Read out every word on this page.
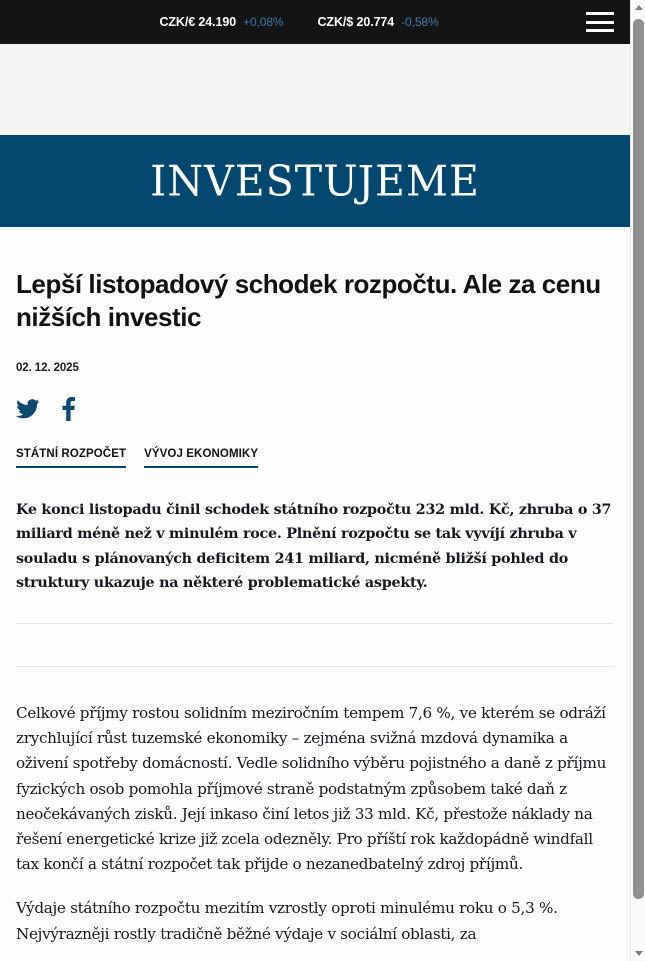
CZK/€ 24.190 +0,08%	CZK/$ 20.774 -0,58%
INVESTUJEME
Lepší listopadový schodek rozpočtu. Ale za cenu nižších investic
02. 12. 2025
STÁTNÍ ROZPOČET VÝVOJ EKONOMIKY
Ke konci listopadu činil schodek státního rozpočtu 232 mld. Kč, zhruba o 37 miliard méně než v minulém roce. Plnění rozpočtu se tak vyvíjí zhruba v souladu s plánovaných deficitem 241 miliard, nicméně bližší pohled do struktury ukazuje na některé problematické aspekty.

Celkové příjmy rostou solidním meziročním tempem 7,6 %, ve kterém se odráží zrychlující růst tuzemské ekonomiky – zejména svižná mzdová dynamika a oživení spotřeby domácností. Vedle solidního výběru pojistného a daně z příjmu fyzických osob pomohla příjmové straně podstatným způsobem také daň z neočekávaných zisků. Její inkaso činí letos již 33 mld. Kč, přestože náklady na řešení energetické krize již zcela odezněly. Pro příští rok každopádně windfall tax končí a státní rozpočet tak přijde o nezanedbatelný zdroj příjmů.

Výdaje státního rozpočtu mezitím vzrostly oproti minulému roku o 5,3 %. Nejvýrazněji rostly tradičně běžné výdaje v sociální oblasti, za
